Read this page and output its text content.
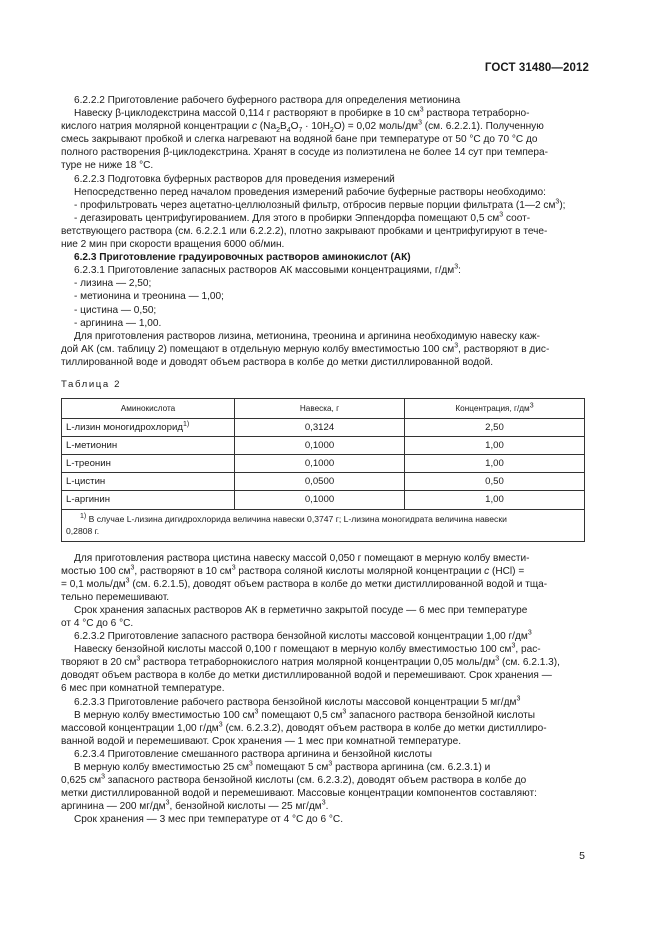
ГОСТ 31480—2012

6.2.2.2 Приготовление рабочего буферного раствора для определения метионина

Навеску β-циклодекстрина массой 0,114 г растворяют в пробирке в 10 $см^3$ раствора тетраборно-

кислого натрия молярной концентрации c $(Na_2B_4O_7 \cdot 10H_2O) = 0,02$ моль/$дм^3$ (см. 6.2.2.1). Полученную

смесь закрывают пробкой и слегка нагревают на водяной бане при температуре от 50 °C до 70 °C до

полного растворения β-циклодекстрина. Хранят в сосуде из полиэтилена не более 14 сут при темпера-

туре не ниже 18 °C.

6.2.2.3 Подготовка буферных растворов для проведения измерений

Непосредственно перед началом проведения измерений рабочие буферные растворы необходимо:

- профильтровать через ацетатно-целлюлозный фильтр, отбросив первые порции фильтрата (1—2 $см^3$);

- дегазировать центрифугированием. Для этого в пробирки Эппендорфа помещают 0,5 $см^3$ соот-

ветствующего раствора (см. 6.2.2.1 или 6.2.2.2), плотно закрывают пробками и центрифугируют в тече-

ние 2 мин при скорости вращения 6000 об/мин.

6.2.3 Приготовление градуировочных растворов аминокислот (АК)

6.2.3.1 Приготовление запасных растворов АК массовыми концентрациями, $г/дм^3$:

- лизина — 2,50;

- метионина и треонина — 1,00;

- цистина — 0,50;

- аргинина — 1,00.

Для приготовления растворов лизина, метионина, треонина и аргинина необходимую навеску каж-

дой АК (см. таблицу 2) помещают в отдельную мерную колбу вместимостью 100 $см^3$, растворяют в дис-

тиллированной воде и доводят объем раствора в колбе до метки дистиллированной водой.

Таблица 2

Аминокислота	Навеска, г	Концентрация, $г/дм^3$
L-лизин моногидрохлорид$^{1)}$	0,3124	2,50
L-метионин	0,1000	1,00
L-треонин	0,1000	1,00
L-цистин	0,0500	0,50
L-аргинин	0,1000	1,00
$^{1)}$ В случае L-лизина дигидрохлорида величина навески 0,3747 г; L-лизина моногидрата величина навески
0,2808 г.		

Для приготовления раствора цистина навеску массой 0,050 г помещают в мерную колбу вмести-

мостью 100 $см^3$, растворяют в 10 $см^3$ раствора соляной кислоты молярной концентрации c (HCl) =

= 0,1 моль/$дм^3$ (см. 6.2.1.5), доводят объем раствора в колбе до метки дистиллированной водой и тща-

тельно перемешивают.

Срок хранения запасных растворов АК в герметично закрытой посуде — 6 мес при температуре

от 4 °C до 6 °C.

6.2.3.2 Приготовление запасного раствора бензойной кислоты массовой концентрации 1,00 $г/дм^3$

Навеску бензойной кислоты массой 0,100 г помещают в мерную колбу вместимостью 100 $см^3$, рас-

творяют в 20 $см^3$ раствора тетраборнокислого натрия молярной концентрации 0,05 моль/$дм^3$ (см. 6.2.1.3),

доводят объем раствора в колбе до метки дистиллированной водой и перемешивают. Срок хранения —

6 мес при комнатной температуре.

6.2.3.3 Приготовление рабочего раствора бензойной кислоты массовой концентрации 5 $мг/дм^3$

В мерную колбу вместимостью 100 $см^3$ помещают 0,5 $см^3$ запасного раствора бензойной кислоты

массовой концентрации 1,00 $г/дм^3$ (см. 6.2.3.2), доводят объем раствора в колбе до метки дистиллиро-

ванной водой и перемешивают. Срок хранения — 1 мес при комнатной температуре.

6.2.3.4 Приготовление смешанного раствора аргинина и бензойной кислоты

В мерную колбу вместимостью 25 $см^3$ помещают 5 $см^3$ раствора аргинина (см. 6.2.3.1) и

0,625 $см^3$ запасного раствора бензойной кислоты (см. 6.2.3.2), доводят объем раствора в колбе до

метки дистиллированной водой и перемешивают. Массовые концентрации компонентов составляют:

аргинина — 200 $мг/дм^3$, бензойной кислоты — 25 $мг/дм^3$.

Срок хранения — 3 мес при температуре от 4 °C до 6 °C.

5
